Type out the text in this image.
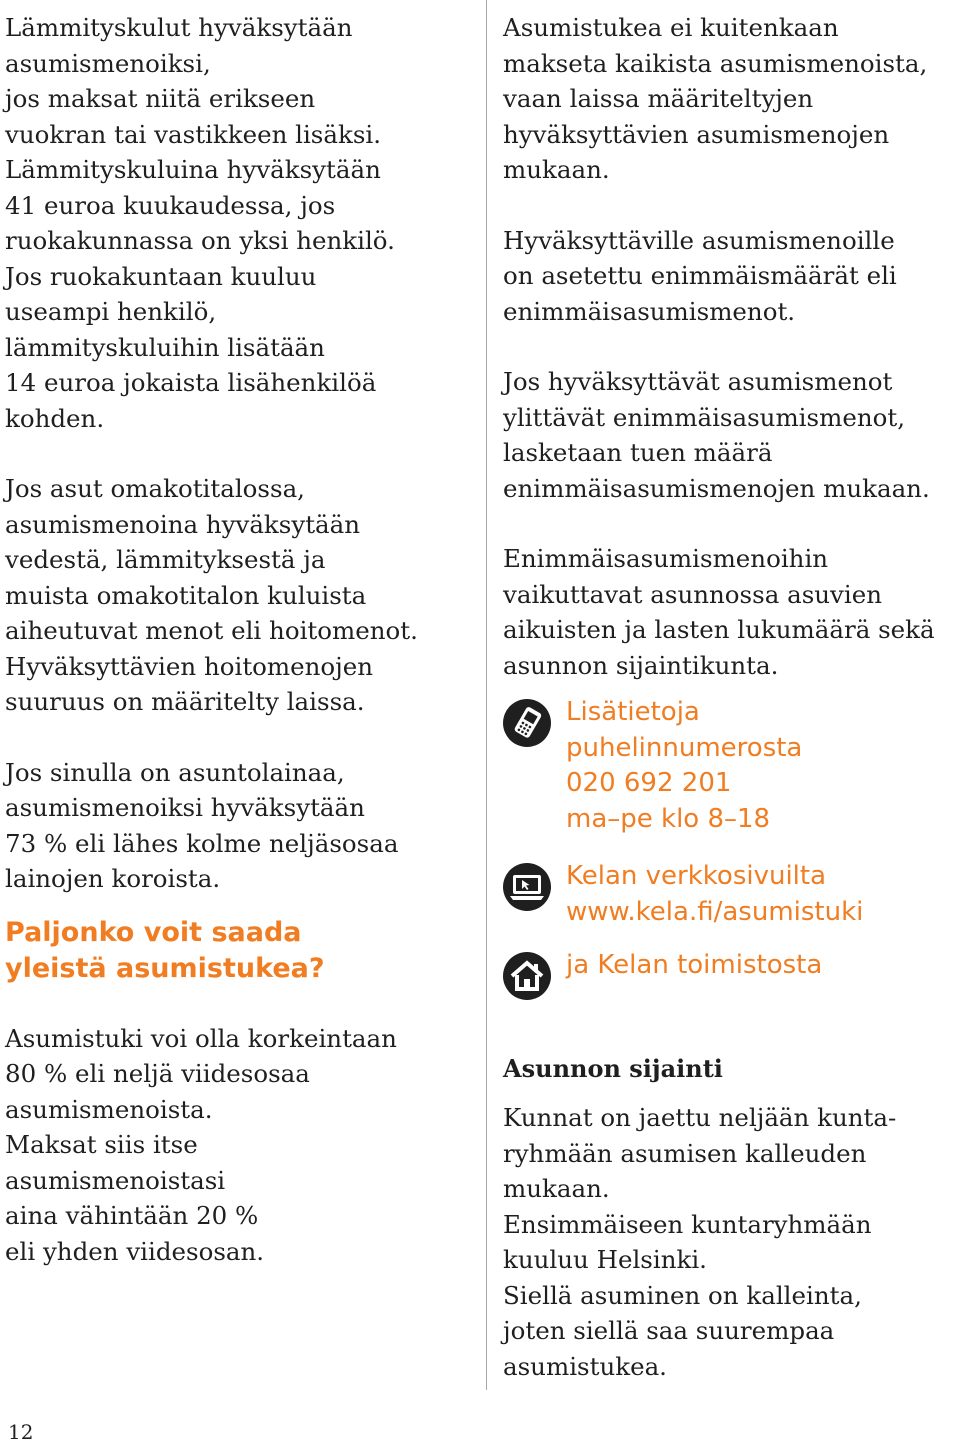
Lämmityskulut hyväksytään
asumismenoiksi,
jos maksat niitä erikseen
vuokran tai vastikkeen lisäksi.
Lämmityskuluina hyväksytään
41 euroa kuukaudessa, jos
ruokakunnassa on yksi henkilö.
Jos ruokakuntaan kuuluu
useampi henkilö,
lämmityskuluihin lisätään
14 euroa jokaista lisähenkilöä
kohden.

Jos asut omakotitalossa,
asumismenoina hyväksytään
vedestä, lämmityksestä ja
muista omakotitalon kuluista
aiheutuvat menot eli hoitomenot.
Hyväksyttävien hoitomenojen
suuruus on määritelty laissa.

Jos sinulla on asuntolainaa,
asumismenoiksi hyväksytään
73 % eli lähes kolme neljäsosaa
lainojen koroista.

Paljonko voit saada
yleistä asumistukea?

Asumistuki voi olla korkeintaan
80 % eli neljä viidesosaa
asumismenoista.
Maksat siis itse
asumismenoistasi
aina vähintään 20 %
eli yhden viidesosan.

Asumistukea ei kuitenkaan
makseta kaikista asumismenoista,
vaan laissa määriteltyjen
hyväksyttävien asumismenojen
mukaan.

Hyväksyttäville asumismenoille
on asetettu enimmäismäärät eli
enimmäisasumismenot.

Jos hyväksyttävät asumismenot
ylittävät enimmäisasumismenot,
lasketaan tuen määrä
enimmäisasumismenojen mukaan.

Enimmäisasumismenoihin
vaikuttavat asunnossa asuvien
aikuisten ja lasten lukumäärä sekä
asunnon sijaintikunta.

Lisätietoja
puhelinnumerosta
020 692 201
ma–pe klo 8–18
Kelan verkkosivuilta
www.kela.fi/asumistuki
ja Kelan toimistosta
Asunnon sijainti

Kunnat on jaettu neljään kunta-
ryhmään asumisen kalleuden mukaan.
Ensimmäiseen kuntaryhmään
kuuluu Helsinki.
Siellä asuminen on kalleinta,
joten siellä saa suurempaa
asumistukea.

12
